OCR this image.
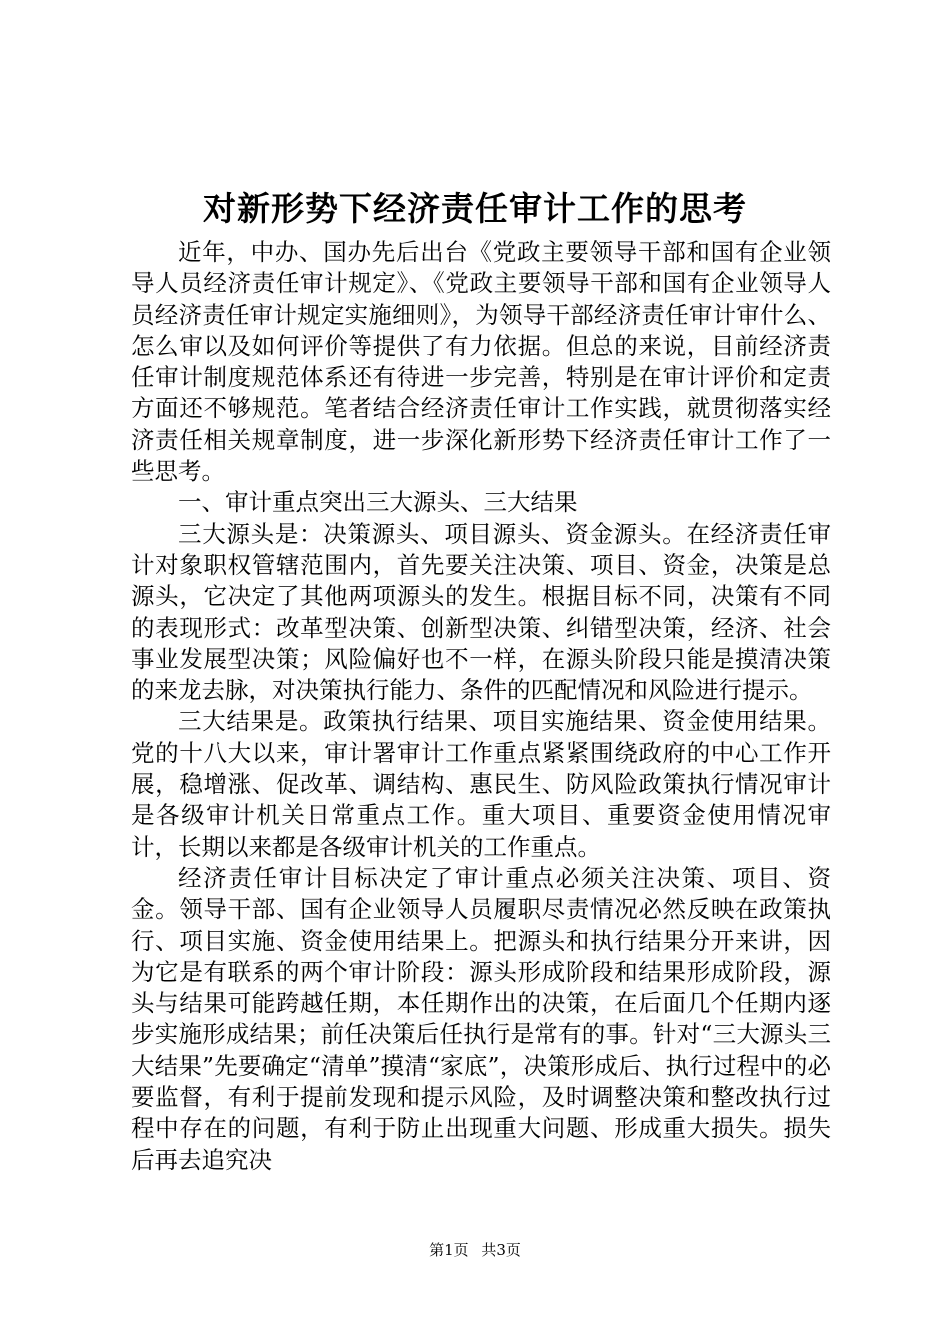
对新形势下经济责任审计工作的思考

近年，中办、国办先后出台《党政主要领导干部和国有企业领导人员经济责任审计规定》、《党政主要领导干部和国有企业领导人员经济责任审计规定实施细则》，为领导干部经济责任审计审什么、怎么审以及如何评价等提供了有力依据。但总的来说，目前经济责任审计制度规范体系还有待进一步完善，特别是在审计评价和定责方面还不够规范。笔者结合经济责任审计工作实践，就贯彻落实经济责任相关规章制度，进一步深化新形势下经济责任审计工作了一些思考。

一、审计重点突出三大源头、三大结果

三大源头是：决策源头、项目源头、资金源头。在经济责任审计对象职权管辖范围内，首先要关注决策、项目、资金，决策是总源头，它决定了其他两项源头的发生。根据目标不同，决策有不同的表现形式：改革型决策、创新型决策、纠错型决策，经济、社会事业发展型决策；风险偏好也不一样，在源头阶段只能是摸清决策的来龙去脉，对决策执行能力、条件的匹配情况和风险进行提示。

三大结果是。政策执行结果、项目实施结果、资金使用结果。党的十八大以来，审计署审计工作重点紧紧围绕政府的中心工作开展，稳增涨、促改革、调结构、惠民生、防风险政策执行情况审计是各级审计机关日常重点工作。重大项目、重要资金使用情况审计，长期以来都是各级审计机关的工作重点。

经济责任审计目标决定了审计重点必须关注决策、项目、资金。领导干部、国有企业领导人员履职尽责情况必然反映在政策执行、项目实施、资金使用结果上。把源头和执行结果分开来讲，因为它是有联系的两个审计阶段：源头形成阶段和结果形成阶段，源头与结果可能跨越任期，本任期作出的决策，在后面几个任期内逐步实施形成结果；前任决策后任执行是常有的事。针对“三大源头三大结果”先要确定“清单”摸清“家底”，决策形成后、执行过程中的必要监督，有利于提前发现和提示风险，及时调整决策和整改执行过程中存在的问题，有利于防止出现重大问题、形成重大损失。损失后再去追究决

第1页 共3页
